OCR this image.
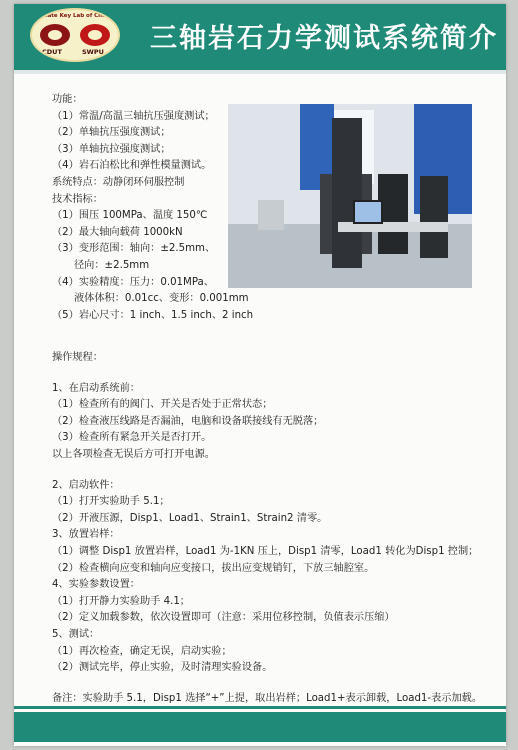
State Key Lab of China
CDUT	SWPU 三轴岩石力学测试系统简介
功能：
（1）常温/高温三轴抗压强度测试；
（2）单轴抗压强度测试；
（3）单轴抗拉强度测试；
（4）岩石泊松比和弹性模量测试。
系统特点：动静闭环伺服控制
技术指标：
（1）围压 100MPa、温度 150℃
（2）最大轴向载荷 1000kN
（3）变形范围：轴向：±2.5mm、
径向：±2.5mm
（4）实验精度：压力：0.01MPa、
液体体积：0.01cc、变形：0.001mm
（5）岩心尺寸：1 inch、1.5 inch、2 inch
操作规程：
1、在启动系统前：
（1）检查所有的阀门、开关是否处于正常状态；
（2）检查液压线路是否漏油，电脑和设备联接线有无脱落；
（3）检查所有紧急开关是否打开。
以上各项检查无误后方可打开电源。
2、启动软件：
（1）打开实验助手 5.1；
（2）开液压源，Disp1、Load1、Strain1、Strain2 清零。
3、放置岩样：
（1）调整 Disp1 放置岩样，Load1 为-1KN 压上，Disp1 清零，Load1 转化为Disp1 控制；
（2）检查横向应变和轴向应变接口，拔出应变规销钉，下放三轴腔室。
4、实验参数设置：
（1）打开静力实验助手 4.1；
（2）定义加载参数，依次设置即可（注意：采用位移控制，负值表示压缩）
5、测试：
（1）再次检查，确定无误，启动实验；
（2）测试完毕，停止实验，及时清理实验设备。
备注：实验助手 5.1，Disp1 选择“+”上提，取出岩样；Load1+表示卸载，Load1-表示加载。
